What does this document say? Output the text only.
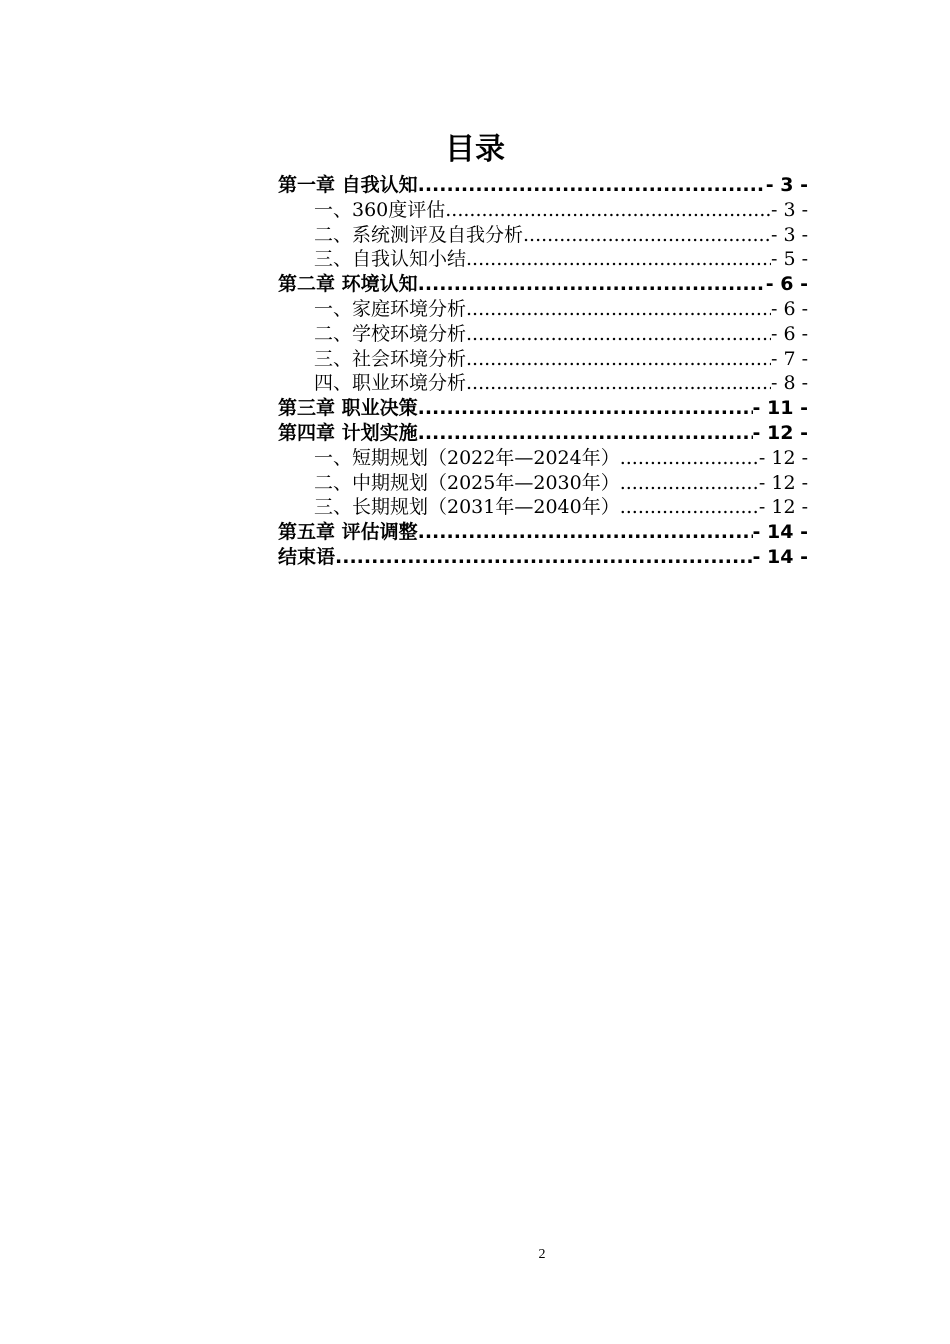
目录
第一章 自我认知 .....	- 3 -
一、360度评估 .....	- 3 -
二、系统测评及自我分析 .....	- 3 -
三、自我认知小结 .....	- 5 -
第二章 环境认知 .....	- 6 -
一、家庭环境分析 .....	- 6 -
二、学校环境分析 .....	- 6 -
三、社会环境分析 .....	- 7 -
四、职业环境分析 .....	- 8 -
第三章 职业决策 .....	- 11 -
第四章 计划实施 .....	- 12 -
一、短期规划（2022年—2024年） .....	- 12 -
二、中期规划（2025年—2030年） .....	- 12 -
三、长期规划（2031年—2040年） .....	- 12 -
第五章 评估调整 .....	- 14 -
结束语 .....	- 14 -
2
